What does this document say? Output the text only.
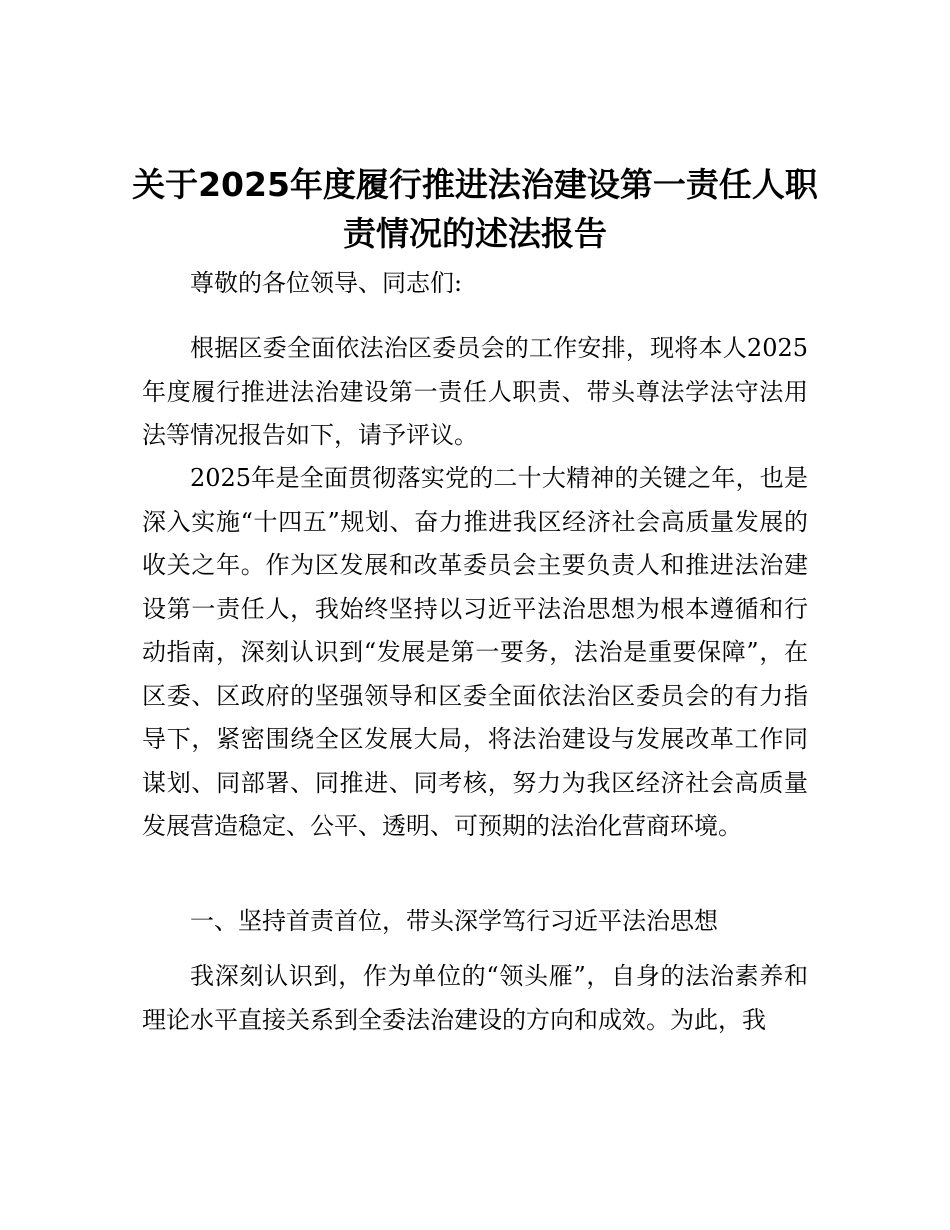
关于2025年度履行推进法治建设第一责任人职责情况的述法报告

尊敬的各位领导、同志们:

根据区委全面依法治区委员会的工作安排，现将本人2025年度履行推进法治建设第一责任人职责、带头尊法学法守法用法等情况报告如下，请予评议。

2025年是全面贯彻落实党的二十大精神的关键之年，也是深入实施“十四五”规划、奋力推进我区经济社会高质量发展的收关之年。作为区发展和改革委员会主要负责人和推进法治建设第一责任人，我始终坚持以习近平法治思想为根本遵循和行动指南，深刻认识到“发展是第一要务，法治是重要保障”，在区委、区政府的坚强领导和区委全面依法治区委员会的有力指导下，紧密围绕全区发展大局，将法治建设与发展改革工作同谋划、同部署、同推进、同考核，努力为我区经济社会高质量发展营造稳定、公平、透明、可预期的法治化营商环境。

一、坚持首责首位，带头深学笃行习近平法治思想

我深刻认识到，作为单位的“领头雁”，自身的法治素养和理论水平直接关系到全委法治建设的方向和成效。为此，我
